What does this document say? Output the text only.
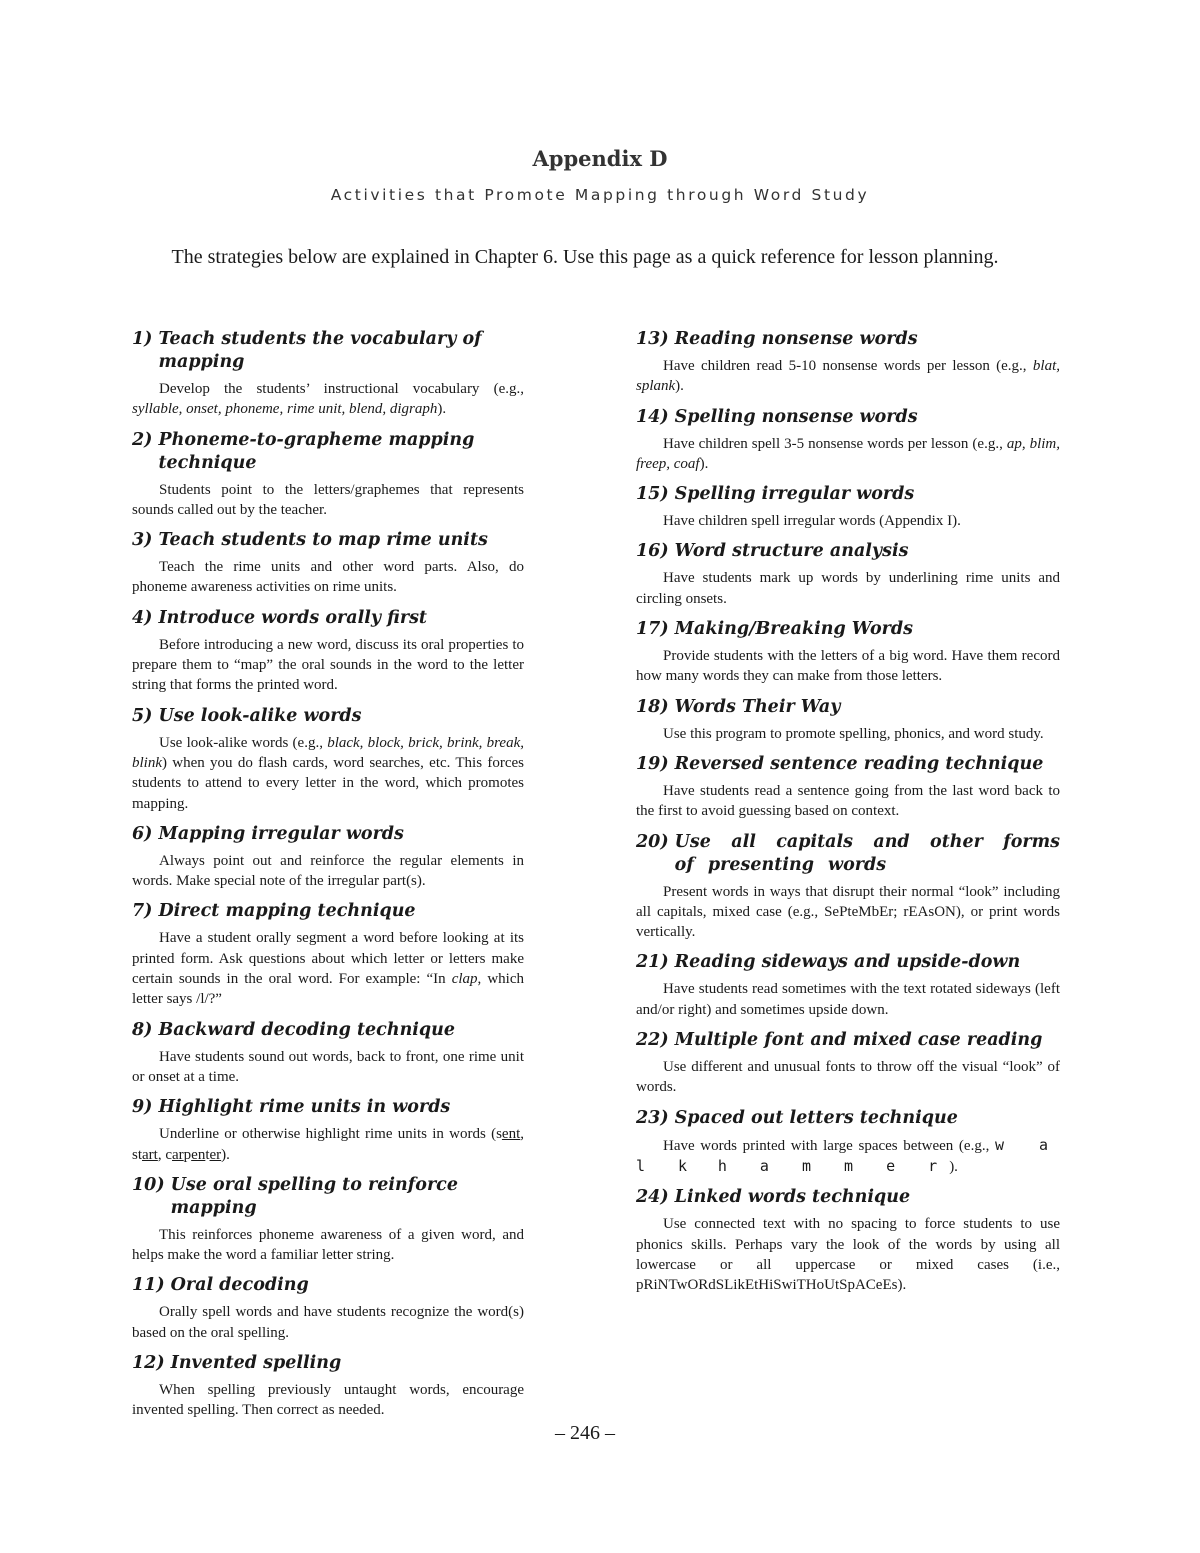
Appendix D
Activities that Promote Mapping through Word Study
The strategies below are explained in Chapter 6. Use this page as a quick reference for lesson planning.
1) Teach students the vocabulary of mapping
Develop the students’ instructional vocabulary (e.g., syllable, onset, phoneme, rime unit, blend, digraph).
2) Phoneme-to-grapheme mapping technique
Students point to the letters/graphemes that represents sounds called out by the teacher.
3) Teach students to map rime units
Teach the rime units and other word parts. Also, do phoneme awareness activities on rime units.
4) Introduce words orally first
Before introducing a new word, discuss its oral properties to prepare them to “map” the oral sounds in the word to the letter string that forms the printed word.
5) Use look-alike words
Use look-alike words (e.g., black, block, brick, brink, break, blink) when you do flash cards, word searches, etc. This forces students to attend to every letter in the word, which promotes mapping.
6) Mapping irregular words
Always point out and reinforce the regular elements in words. Make special note of the irregular part(s).
7) Direct mapping technique
Have a student orally segment a word before looking at its printed form. Ask questions about which letter or letters make certain sounds in the oral word. For example: “In clap, which letter says /l/?”
8) Backward decoding technique
Have students sound out words, back to front, one rime unit or onset at a time.
9) Highlight rime units in words
Underline or otherwise highlight rime units in words (sent, start, carpenter).
10) Use oral spelling to reinforce mapping
This reinforces phoneme awareness of a given word, and helps make the word a familiar letter string.
11) Oral decoding
Orally spell words and have students recognize the word(s) based on the oral spelling.
12) Invented spelling
When spelling previously untaught words, encourage invented spelling. Then correct as needed.
13) Reading nonsense words
Have children read 5-10 nonsense words per lesson (e.g., blat, splank).
14) Spelling nonsense words
Have children spell 3-5 nonsense words per lesson (e.g., ap, blim, freep, coaf).
15) Spelling irregular words
Have children spell irregular words (Appendix I).
16) Word structure analysis
Have students mark up words by underlining rime units and circling onsets.
17) Making/Breaking Words
Provide students with the letters of a big word. Have them record how many words they can make from those letters.
18) Words Their Way
Use this program to promote spelling, phonics, and word study.
19) Reversed sentence reading technique
Have students read a sentence going from the last word back to the first to avoid guessing based on context.
20) Use all capitals and other forms of presenting words
Present words in ways that disrupt their normal “look” including all capitals, mixed case (e.g., SePteMbEr; rEAsON), or print words vertically.
21) Reading sideways and upside-down
Have students read sometimes with the text rotated sideways (left and/or right) and sometimes upside down.
22) Multiple font and mixed case reading
Use different and unusual fonts to throw off the visual “look” of words.
23) Spaced out letters technique
Have words printed with large spaces between (e.g., w a l k h a m m e r).
24) Linked words technique
Use connected text with no spacing to force students to use phonics skills. Perhaps vary the look of the words by using all lowercase or all uppercase or mixed cases (i.e., pRiNTwORdSLikEtHiSwiTHoUtSpACeEs).
– 246 –
